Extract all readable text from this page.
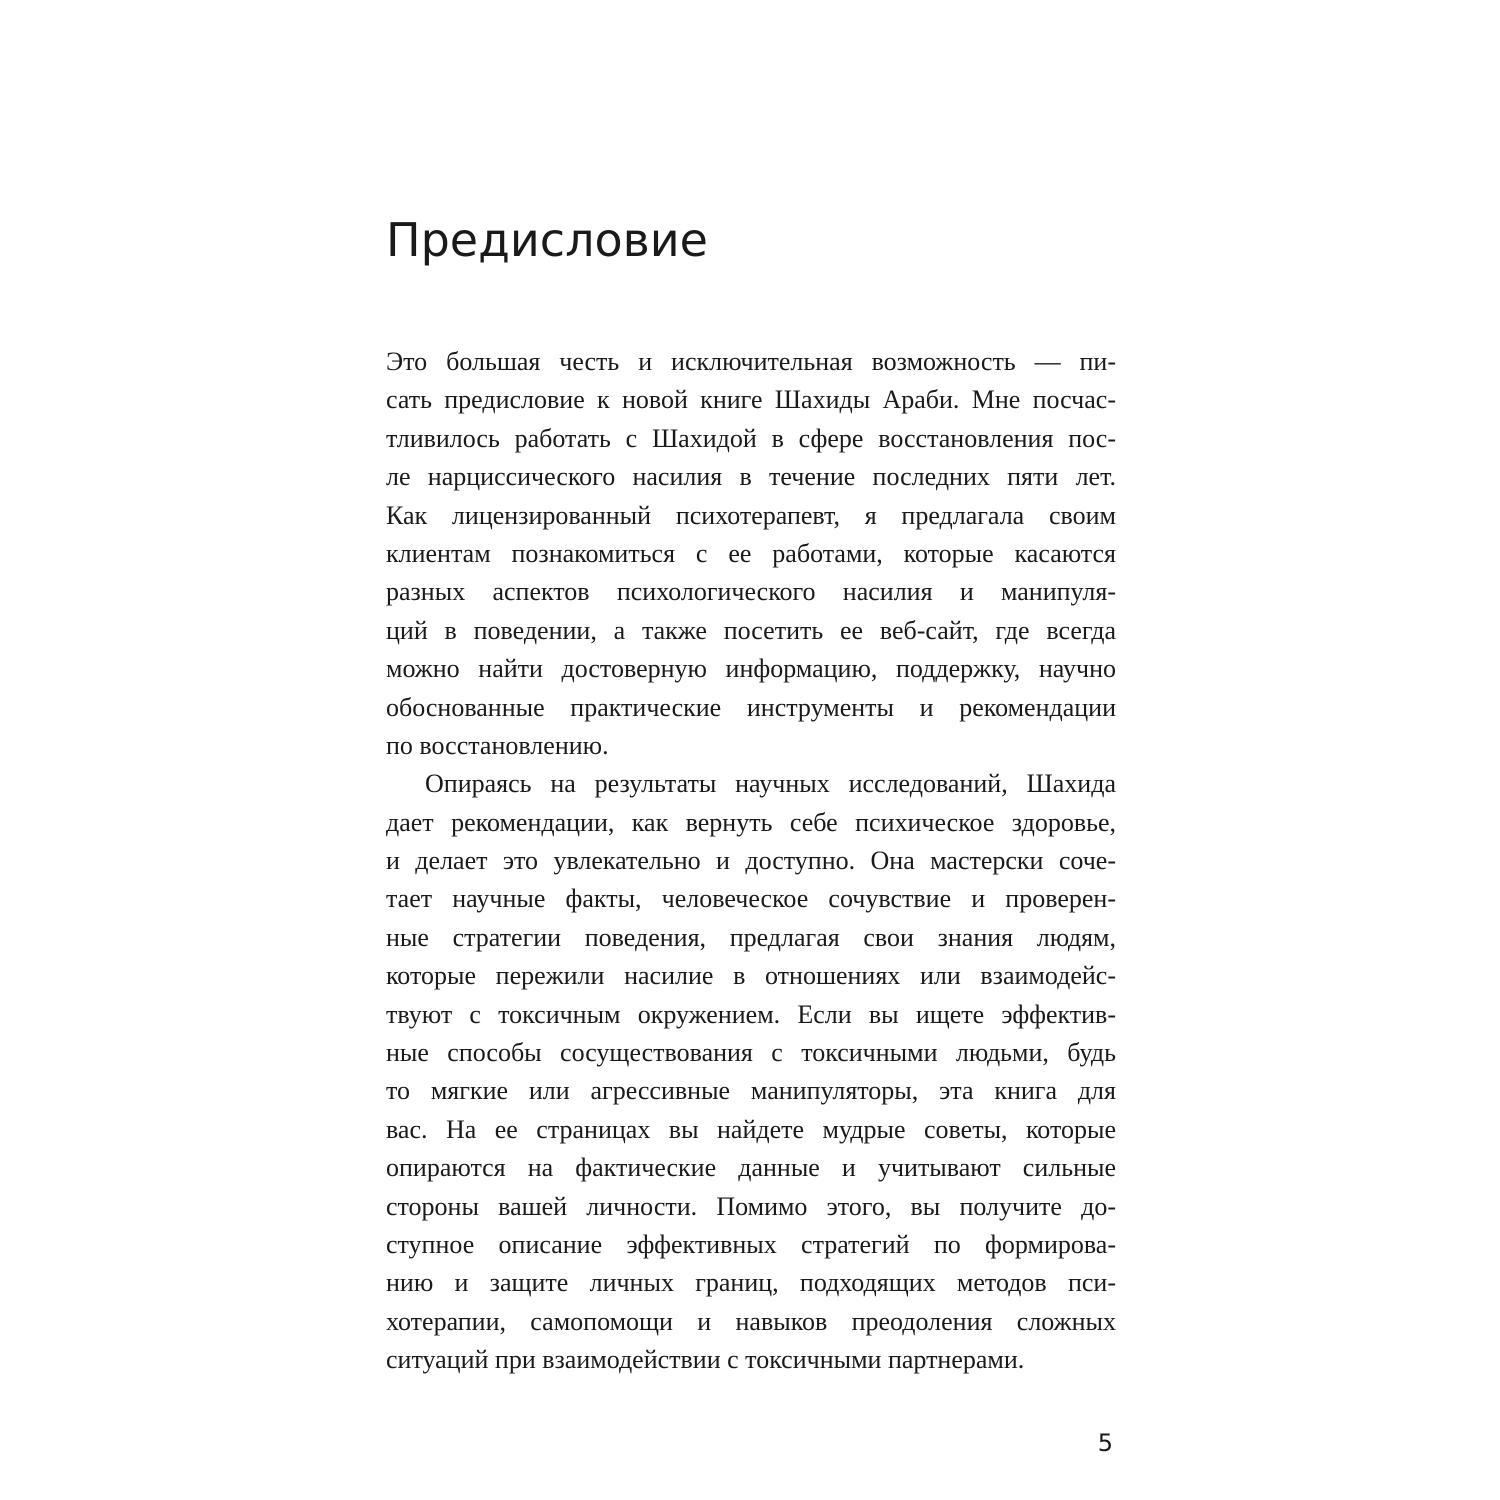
Предисловие
Это большая честь и исключительная возможность — пи-
сать предисловие к новой книге Шахиды Араби. Мне посчас-
тливилось работать с Шахидой в сфере восстановления пос-
ле нарциссического насилия в течение последних пяти лет.
Как лицензированный психотерапевт, я предлагала своим
клиентам познакомиться с ее работами, которые касаются
разных аспектов психологического насилия и манипуля-
ций в поведении, а также посетить ее веб-сайт, где всегда
можно найти достоверную информацию, поддержку, научно
обоснованные практические инструменты и рекомендации
по восстановлению.
Опираясь на результаты научных исследований, Шахида
дает рекомендации, как вернуть себе психическое здоровье,
и делает это увлекательно и доступно. Она мастерски соче-
тает научные факты, человеческое сочувствие и проверен-
ные стратегии поведения, предлагая свои знания людям,
которые пережили насилие в отношениях или взаимодейс-
твуют с токсичным окружением. Если вы ищете эффектив-
ные способы сосуществования с токсичными людьми, будь
то мягкие или агрессивные манипуляторы, эта книга для
вас. На ее страницах вы найдете мудрые советы, которые
опираются на фактические данные и учитывают сильные
стороны вашей личности. Помимо этого, вы получите до-
ступное описание эффективных стратегий по формирова-
нию и защите личных границ, подходящих методов пси-
хотерапии, самопомощи и навыков преодоления сложных
ситуаций при взаимодействии с токсичными партнерами.
5
